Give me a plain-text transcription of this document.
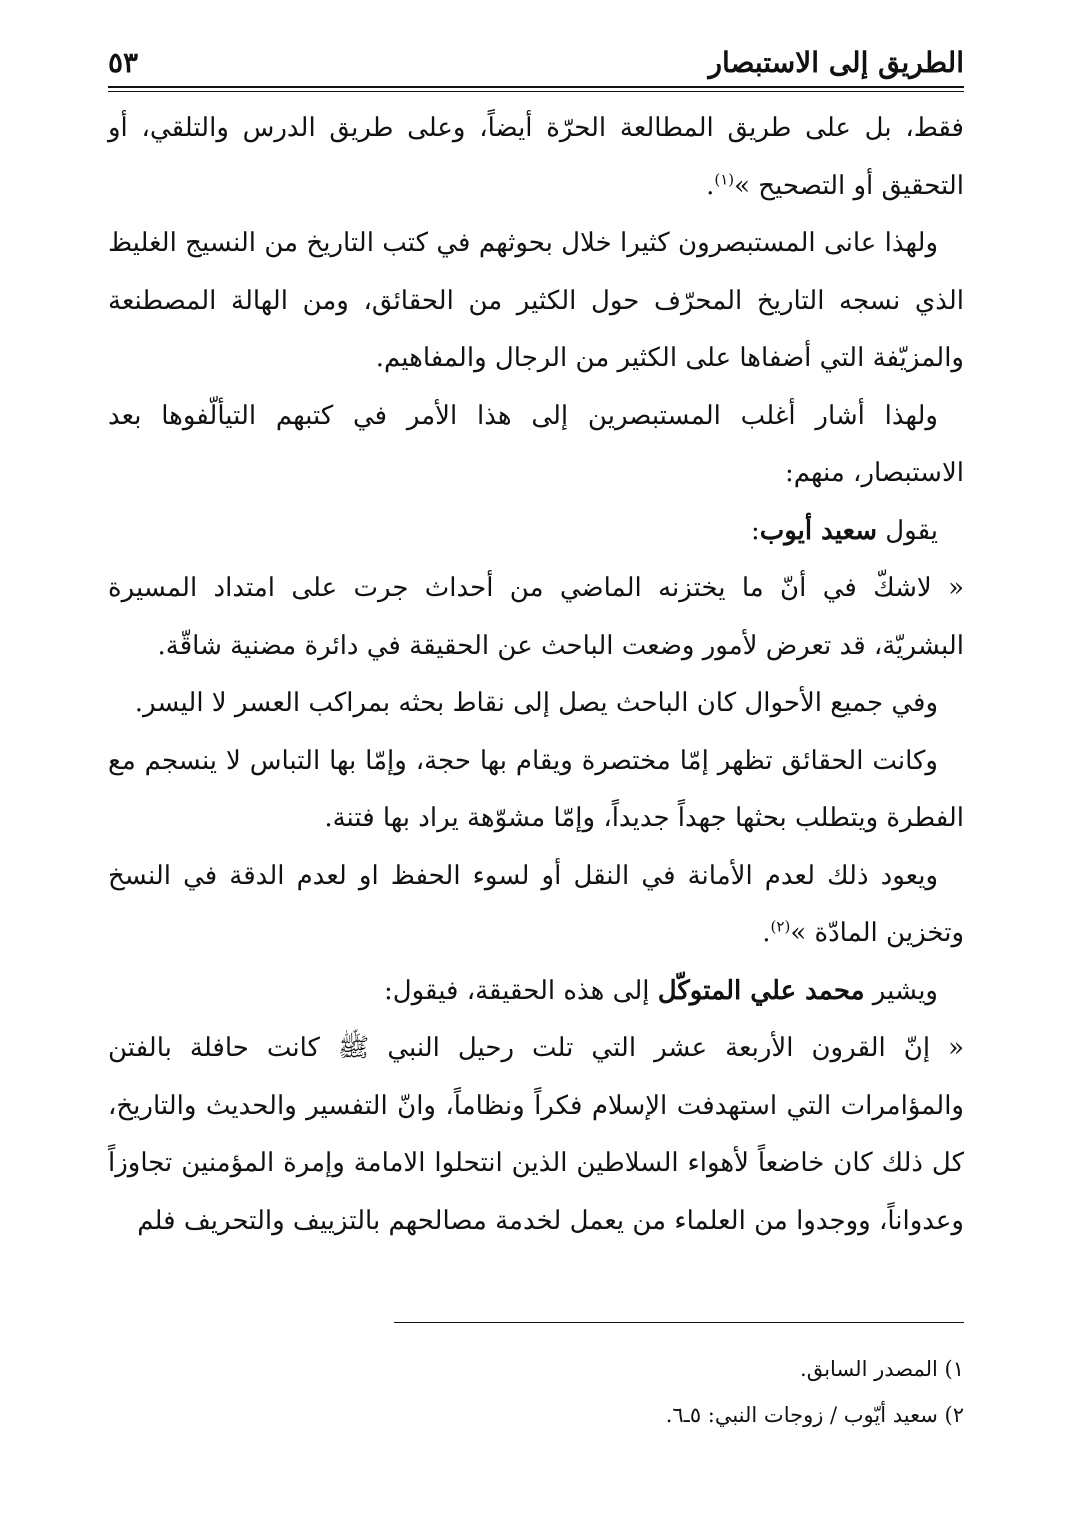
الطريق إلى الاستبصار
٥٣

فقط، بل على طريق المطالعة الحرّة أيضاً، وعلى طريق الدرس والتلقي، أو التحقيق أو التصحيح »$^{(١)}$.

ولهذا عانى المستبصرون كثيرا خلال بحوثهم في كتب التاريخ من النسيج الغليظ الذي نسجه التاريخ المحرّف حول الكثير من الحقائق، ومن الهالة المصطنعة والمزيّفة التي أضفاها على الكثير من الرجال والمفاهيم.

ولهذا أشار أغلب المستبصرين إلى هذا الأمر في كتبهم التيألّفوها بعد الاستبصار، منهم:

يقول سعيد أيوب:

« لاشكّ في أنّ ما يختزنه الماضي من أحداث جرت على امتداد المسيرة البشريّة، قد تعرض لأمور وضعت الباحث عن الحقيقة في دائرة مضنية شاقّة.

وفي جميع الأحوال كان الباحث يصل إلى نقاط بحثه بمراكب العسر لا اليسر.

وكانت الحقائق تظهر إمّا مختصرة ويقام بها حجة، وإمّا بها التباس لا ينسجم مع الفطرة ويتطلب بحثها جهداً جديداً، وإمّا مشوّهة يراد بها فتنة.

ويعود ذلك لعدم الأمانة في النقل أو لسوء الحفظ او لعدم الدقة في النسخ وتخزين المادّة »$^{(٢)}$.

ويشير محمد علي المتوكّل إلى هذه الحقيقة، فيقول:

« إنّ القرون الأربعة عشر التي تلت رحيل النبي ﷺ كانت حافلة بالفتن والمؤامرات التي استهدفت الإسلام فكراً ونظاماً، وانّ التفسير والحديث والتاريخ، كل ذلك كان خاضعاً لأهواء السلاطين الذين انتحلوا الامامة وإمرة المؤمنين تجاوزاً وعدواناً، ووجدوا من العلماء من يعمل لخدمة مصالحهم بالتزييف والتحريف فلم

١) المصدر السابق.

٢) سعيد أيّوب / زوجات النبي: ٥ـ٦.
